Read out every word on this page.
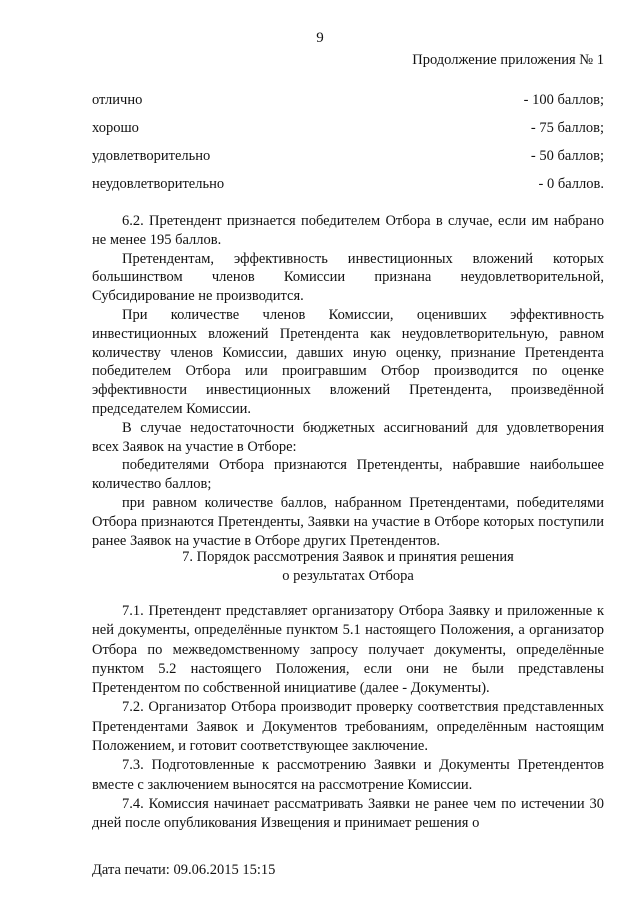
9
Продолжение приложения № 1
отлично	- 100 баллов;
хорошо	- 75 баллов;
удовлетворительно	- 50 баллов;
неудовлетворительно	- 0 баллов.

6.2. Претендент признается победителем Отбора в случае, если им набрано не менее 195 баллов.

Претендентам, эффективность инвестиционных вложений которых большинством членов Комиссии признана неудовлетворительной, Субсидирование не производится.

При количестве членов Комиссии, оценивших эффективность инвестиционных вложений Претендента как неудовлетворительную, равном количеству членов Комиссии, давших иную оценку, признание Претендента победителем Отбора или проигравшим Отбор производится по оценке эффективности инвестиционных вложений Претендента, произведённой председателем Комиссии.

В случае недостаточности бюджетных ассигнований для удовлетворения всех Заявок на участие в Отборе:

победителями Отбора признаются Претенденты, набравшие наибольшее количество баллов;

при равном количестве баллов, набранном Претендентами, победителями Отбора признаются Претенденты, Заявки на участие в Отборе которых поступили ранее Заявок на участие в Отборе других Претендентов.

7. Порядок рассмотрения Заявок и принятия решения
о результатах Отбора

7.1. Претендент представляет организатору Отбора Заявку и приложенные к ней документы, определённые пунктом 5.1 настоящего Положения, а организатор Отбора по межведомственному запросу получает документы, определённые пунктом 5.2 настоящего Положения, если они не были представлены Претендентом по собственной инициативе (далее - Документы).

7.2. Организатор Отбора производит проверку соответствия представленных Претендентами Заявок и Документов требованиям, определённым настоящим Положением, и готовит соответствующее заключение.

7.3. Подготовленные к рассмотрению Заявки и Документы Претендентов вместе с заключением выносятся на рассмотрение Комиссии.

7.4. Комиссия начинает рассматривать Заявки не ранее чем по истечении 30 дней после опубликования Извещения и принимает решения о

Дата печати: 09.06.2015 15:15
